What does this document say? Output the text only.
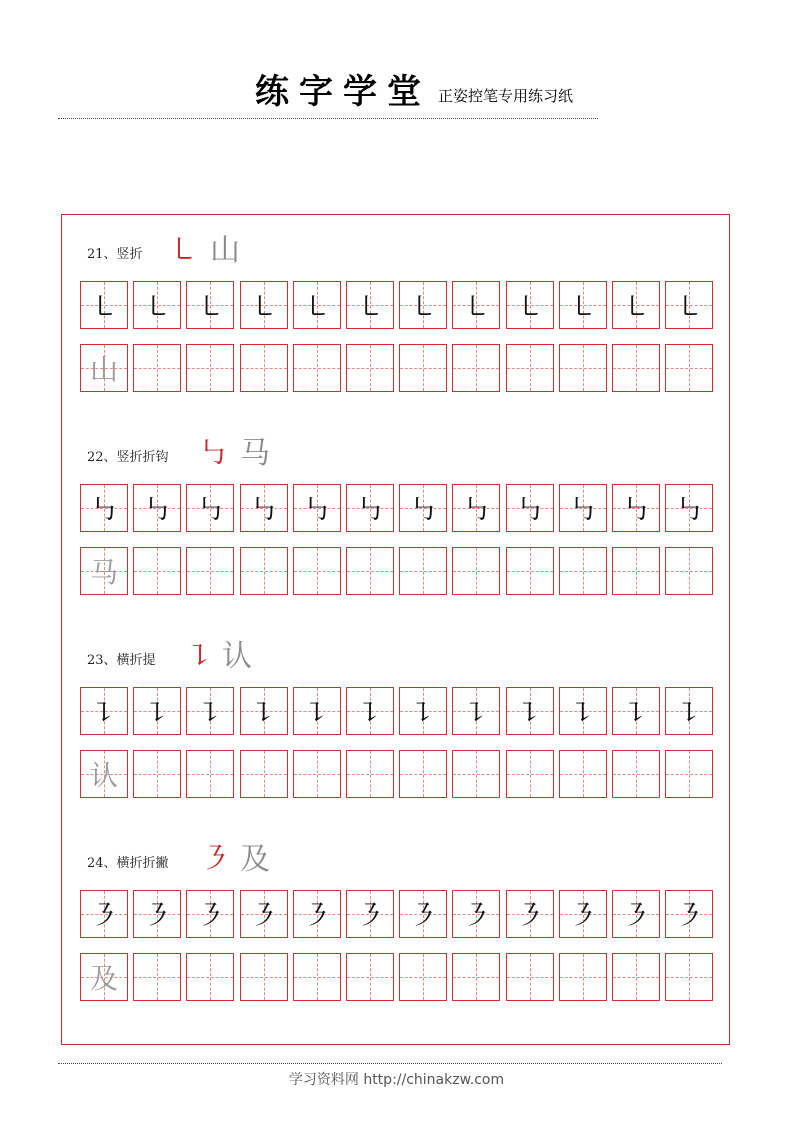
练字学堂 正姿控笔专用练习纸
21、竖折 ㇄ 山
㇄ ㇄ ㇄ ㇄ ㇄ ㇄ ㇄ ㇄ ㇄ ㇄ ㇄ ㇄
山
22、竖折折钩 ㇉ 马
㇉ ㇉ ㇉ ㇉ ㇉ ㇉ ㇉ ㇉ ㇉ ㇉ ㇉ ㇉
马
23、横折提 ㇊ 认
㇊ ㇊ ㇊ ㇊ ㇊ ㇊ ㇊ ㇊ ㇊ ㇊ ㇊ ㇊
认
24、横折折撇 ㇋ 及
㇋ ㇋ ㇋ ㇋ ㇋ ㇋ ㇋ ㇋ ㇋ ㇋ ㇋ ㇋
及
学习资料网 http://chinakzw.com
